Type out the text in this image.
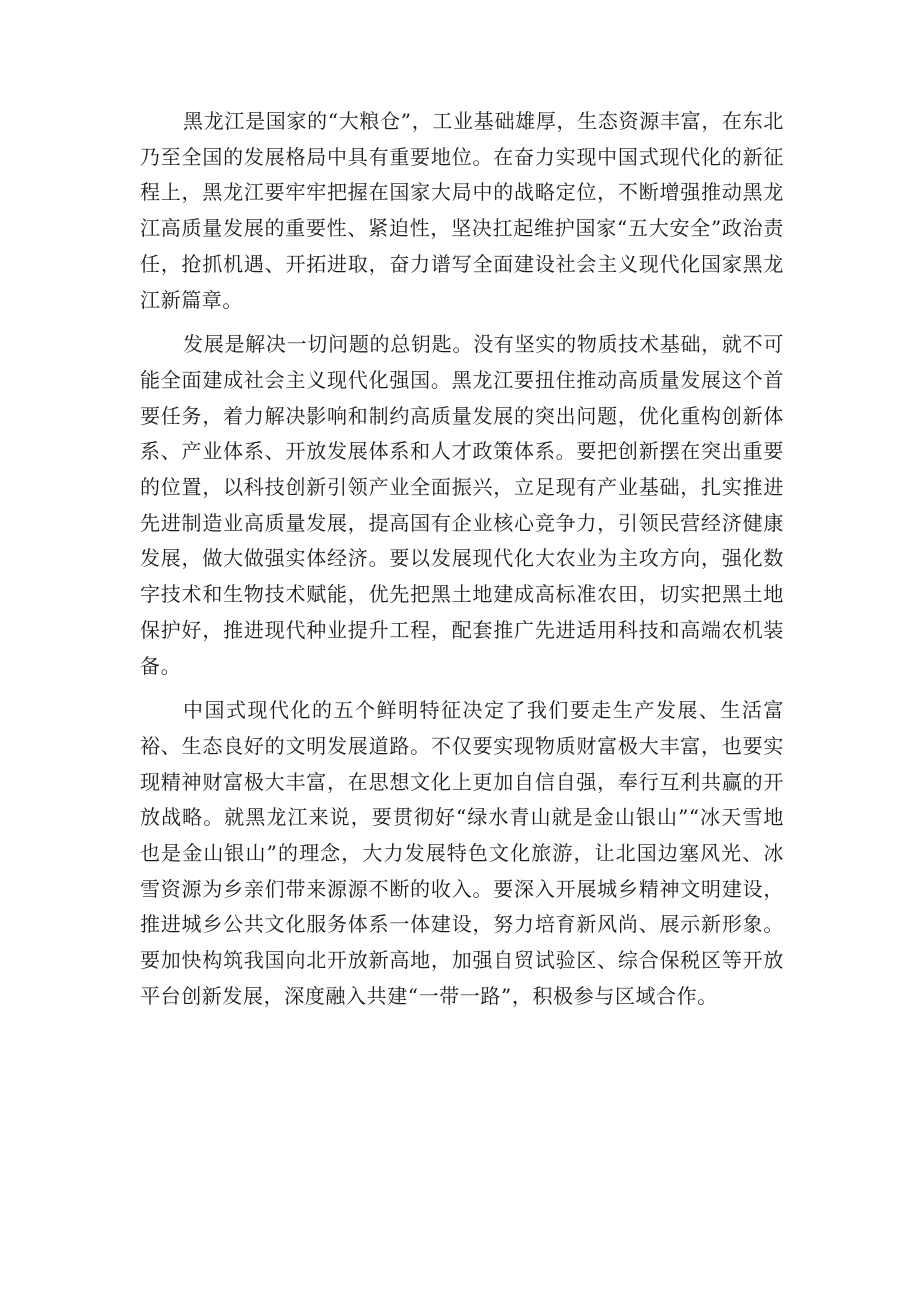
黑龙江是国家的“大粮仓”，工业基础雄厚，生态资源丰富，在东北乃至全国的发展格局中具有重要地位。在奋力实现中国式现代化的新征程上，黑龙江要牢牢把握在国家大局中的战略定位，不断增强推动黑龙江高质量发展的重要性、紧迫性，坚决扛起维护国家“五大安全”政治责任，抢抓机遇、开拓进取，奋力谱写全面建设社会主义现代化国家黑龙江新篇章。

发展是解决一切问题的总钥匙。没有坚实的物质技术基础，就不可能全面建成社会主义现代化强国。黑龙江要扭住推动高质量发展这个首要任务，着力解决影响和制约高质量发展的突出问题，优化重构创新体系、产业体系、开放发展体系和人才政策体系。要把创新摆在突出重要的位置，以科技创新引领产业全面振兴，立足现有产业基础，扎实推进先进制造业高质量发展，提高国有企业核心竞争力，引领民营经济健康发展，做大做强实体经济。要以发展现代化大农业为主攻方向，强化数字技术和生物技术赋能，优先把黑土地建成高标准农田，切实把黑土地保护好，推进现代种业提升工程，配套推广先进适用科技和高端农机装备。

中国式现代化的五个鲜明特征决定了我们要走生产发展、生活富裕、生态良好的文明发展道路。不仅要实现物质财富极大丰富，也要实现精神财富极大丰富，在思想文化上更加自信自强，奉行互利共赢的开放战略。就黑龙江来说，要贯彻好“绿水青山就是金山银山”“冰天雪地也是金山银山”的理念，大力发展特色文化旅游，让北国边塞风光、冰雪资源为乡亲们带来源源不断的收入。要深入开展城乡精神文明建设，推进城乡公共文化服务体系一体建设，努力培育新风尚、展示新形象。要加快构筑我国向北开放新高地，加强自贸试验区、综合保税区等开放平台创新发展，深度融入共建“一带一路”，积极参与区域合作。
